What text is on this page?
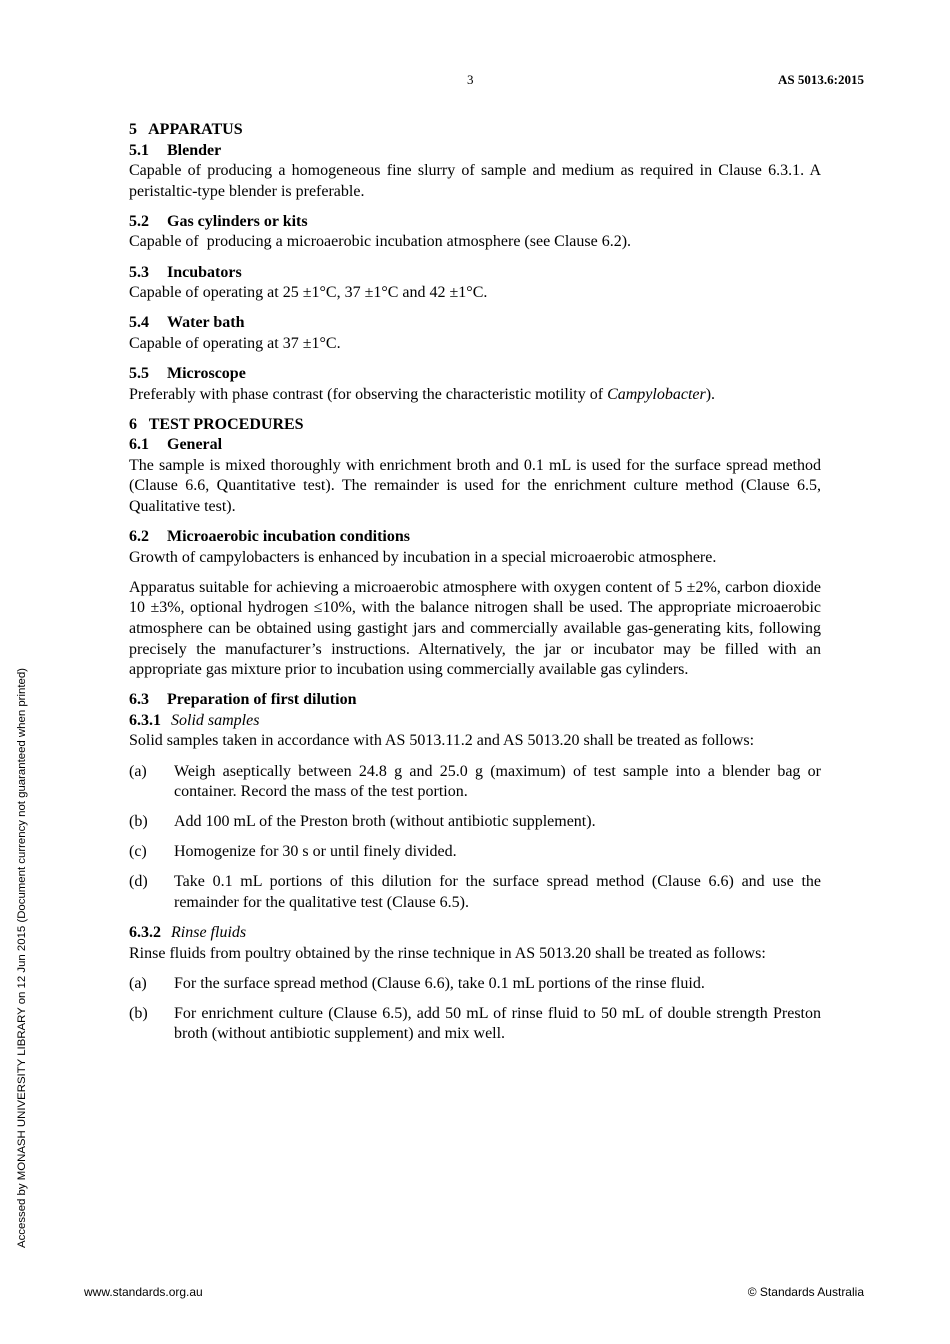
3	AS 5013.6:2015
Accessed by MONASH UNIVERSITY LIBRARY on 12 Jun 2015 (Document currency not guaranteed when printed)

5   APPARATUS

5.1 Blender

Capable of producing a homogeneous fine slurry of sample and medium as required in Clause 6.3.1. A peristaltic-type blender is preferable.

5.2 Gas cylinders or kits

Capable of  producing a microaerobic incubation atmosphere (see Clause 6.2).

5.3 Incubators

Capable of operating at 25 ±1°C, 37 ±1°C and 42 ±1°C.

5.4 Water bath

Capable of operating at 37 ±1°C.

5.5 Microscope

Preferably with phase contrast (for observing the characteristic motility of Campylobacter).

6   TEST PROCEDURES

6.1 General

The sample is mixed thoroughly with enrichment broth and 0.1 mL is used for the surface spread method (Clause 6.6, Quantitative test). The remainder is used for the enrichment culture method (Clause 6.5, Qualitative test).

6.2 Microaerobic incubation conditions

Growth of campylobacters is enhanced by incubation in a special microaerobic atmosphere.

Apparatus suitable for achieving a microaerobic atmosphere with oxygen content of 5 ±2%, carbon dioxide 10 ±3%, optional hydrogen ≤10%, with the balance nitrogen shall be used. The appropriate microaerobic atmosphere can be obtained using gastight jars and commercially available gas-generating kits, following precisely the manufacturer’s instructions. Alternatively, the jar or incubator may be filled with an appropriate gas mixture prior to incubation using commercially available gas cylinders.

6.3 Preparation of first dilution

6.3.1 Solid samples

Solid samples taken in accordance with AS 5013.11.2 and AS 5013.20 shall be treated as follows:

(a)	Weigh aseptically between 24.8 g and 25.0 g (maximum) of test sample into a blender bag or container. Record the mass of the test portion.
(b)	Add 100 mL of the Preston broth (without antibiotic supplement).
(c)	Homogenize for 30 s or until finely divided.
(d)	Take 0.1 mL portions of this dilution for the surface spread method (Clause 6.6) and use the remainder for the qualitative test (Clause 6.5).

6.3.2 Rinse fluids

Rinse fluids from poultry obtained by the rinse technique in AS 5013.20 shall be treated as follows:

(a)	For the surface spread method (Clause 6.6), take 0.1 mL portions of the rinse fluid.
(b)	For enrichment culture (Clause 6.5), add 50 mL of rinse fluid to 50 mL of double strength Preston broth (without antibiotic supplement) and mix well.
www.standards.org.au	© Standards Australia
